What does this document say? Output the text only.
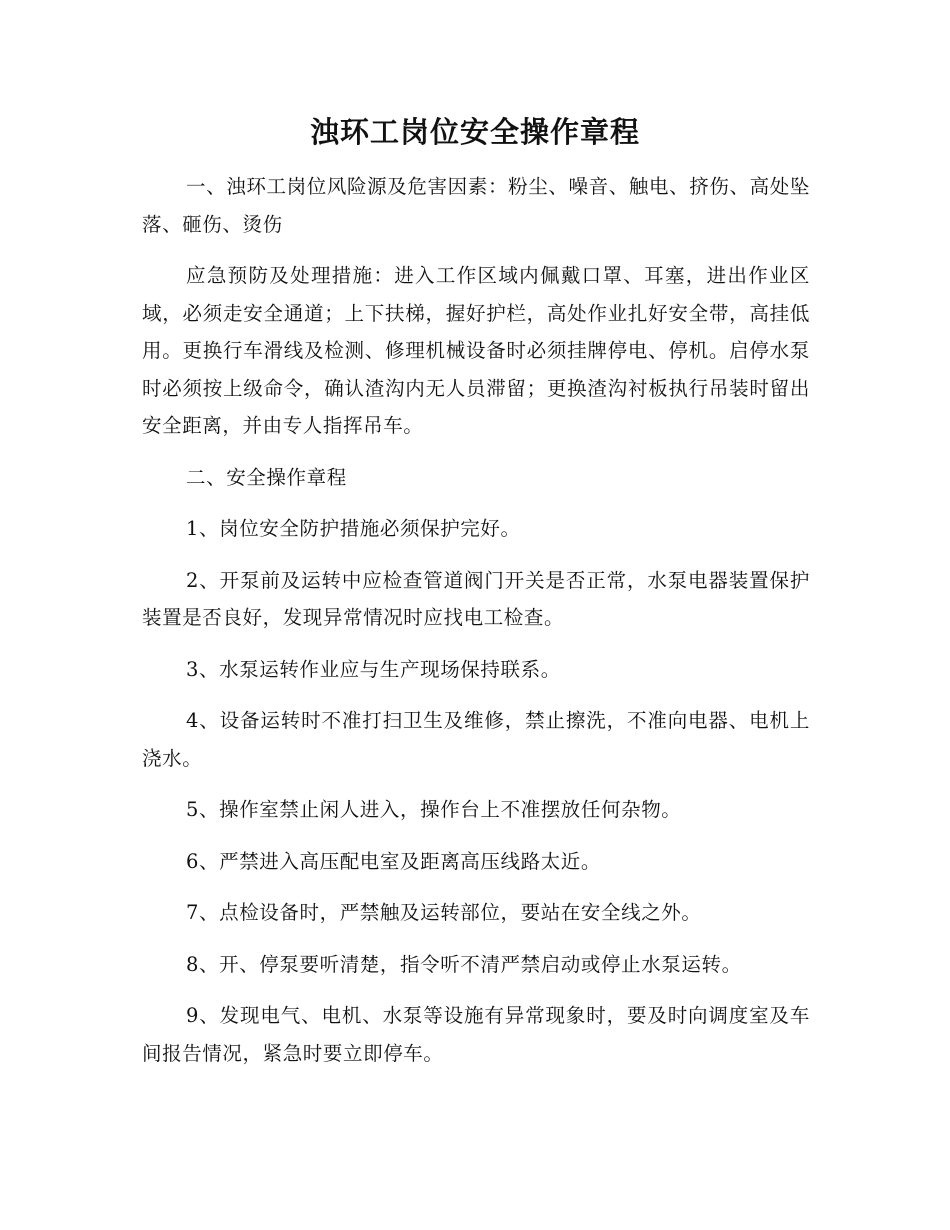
浊环工岗位安全操作章程

一、浊环工岗位风险源及危害因素：粉尘、噪音、触电、挤伤、高处坠落、砸伤、烫伤

应急预防及处理措施：进入工作区域内佩戴口罩、耳塞，进出作业区域，必须走安全通道；上下扶梯，握好护栏，高处作业扎好安全带，高挂低用。更换行车滑线及检测、修理机械设备时必须挂牌停电、停机。启停水泵时必须按上级命令，确认渣沟内无人员滞留；更换渣沟衬板执行吊装时留出安全距离，并由专人指挥吊车。

二、安全操作章程

1、岗位安全防护措施必须保护完好。

2、开泵前及运转中应检查管道阀门开关是否正常，水泵电器装置保护装置是否良好，发现异常情况时应找电工检查。

3、水泵运转作业应与生产现场保持联系。

4、设备运转时不准打扫卫生及维修，禁止擦洗，不准向电器、电机上浇水。

5、操作室禁止闲人进入，操作台上不准摆放任何杂物。

6、严禁进入高压配电室及距离高压线路太近。

7、点检设备时，严禁触及运转部位，要站在安全线之外。

8、开、停泵要听清楚，指令听不清严禁启动或停止水泵运转。

9、发现电气、电机、水泵等设施有异常现象时，要及时向调度室及车间报告情况，紧急时要立即停车。
